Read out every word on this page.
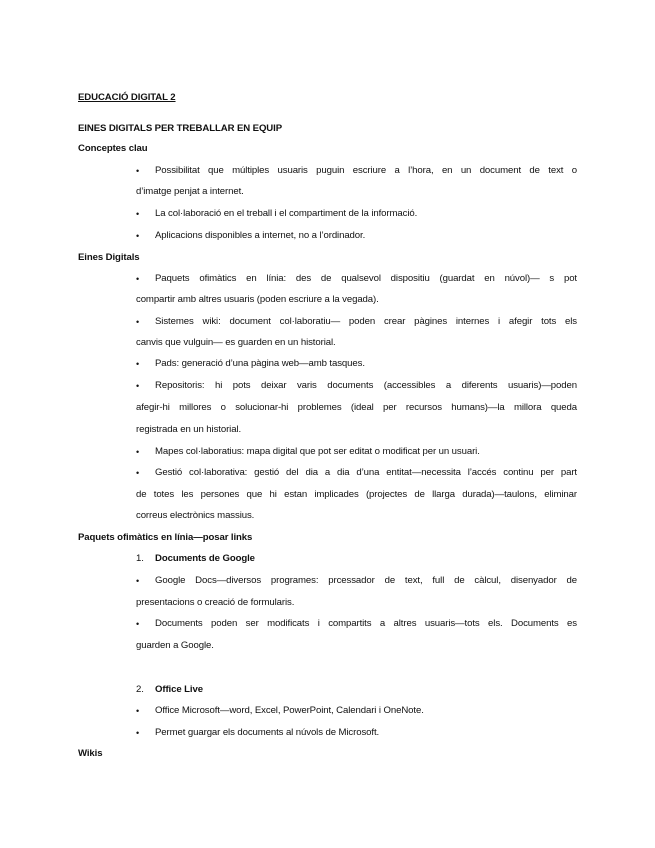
EDUCACIÓ DIGITAL 2
EINES DIGITALS PER TREBALLAR EN EQUIP
Conceptes clau
• Possibilitat que múltiples usuaris puguin escriure a l’hora, en un document de text o
d’imatge penjat a internet.
• La col·laboració en el treball i el compartiment de la informació.
• Aplicacions disponibles a internet, no a l’ordinador.
Eines Digitals
• Paquets ofimàtics en línia: des de qualsevol dispositiu (guardat en núvol)— s pot
compartir amb altres usuaris (poden escriure a la vegada).
• Sistemes wiki: document col·laboratiu— poden crear pàgines internes i afegir tots els
canvis que vulguin— es guarden en un historial.
• Pads: generació d’una pàgina web—amb tasques.
• Repositoris: hi pots deixar varis documents (accessibles a diferents usuaris)—poden
afegir-hi millores o solucionar-hi problemes (ideal per recursos humans)—la millora queda
registrada en un historial.
• Mapes col·laboratius: mapa digital que pot ser editat o modificat per un usuari.
• Gestió col·laborativa: gestió del dia a dia d’una entitat—necessita l’accés continu per part
de totes les persones que hi estan implicades (projectes de llarga durada)—taulons, eliminar
correus electrònics massius.
Paquets ofimàtics en línia—posar links
1. Documents de Google
• Google Docs—diversos programes: prcessador de text, full de càlcul, disenyador de
presentacions o creació de formularis.
• Documents poden ser modificats i compartits a altres usuaris—tots els. Documents es
guarden a Google.
2. Office Live
• Office Microsoft—word, Excel, PowerPoint, Calendari i OneNote.
• Permet guargar els documents al núvols de Microsoft.
Wikis
